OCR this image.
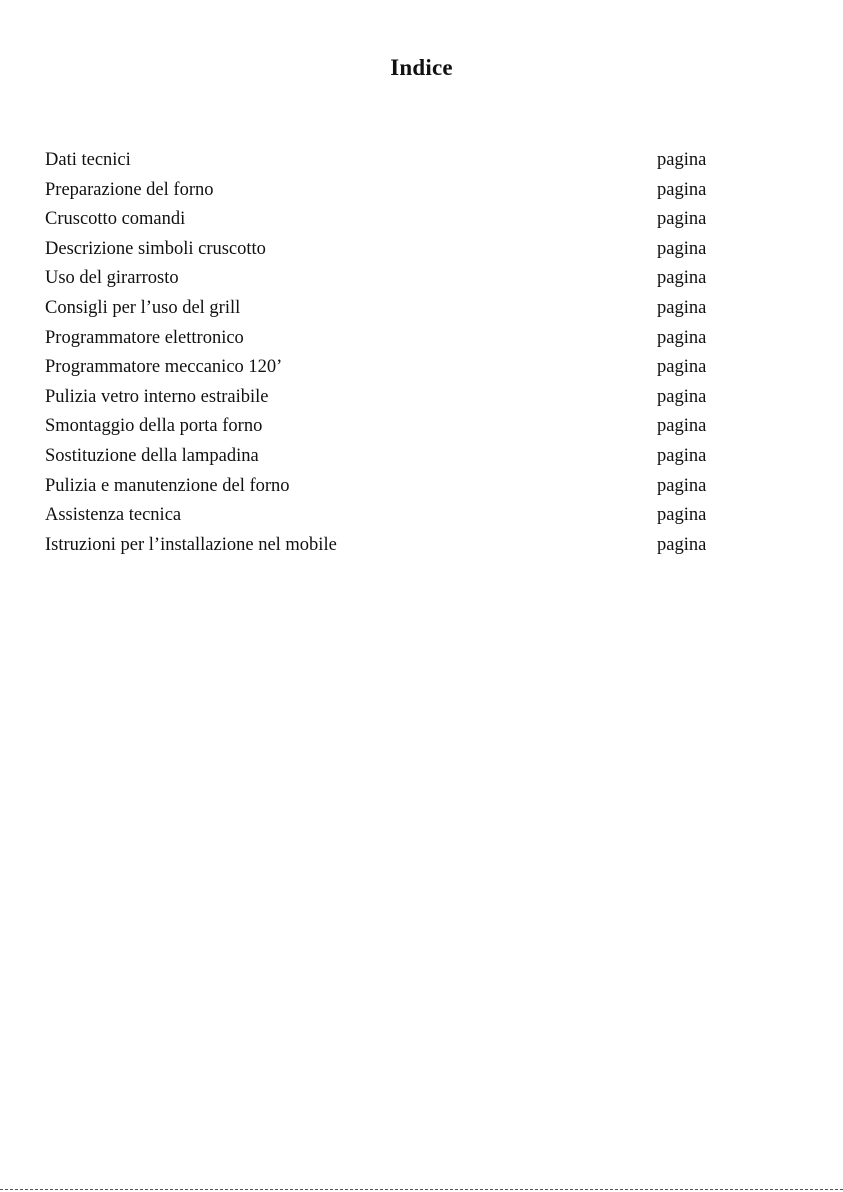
Indice
Dati tecnici	pagina
Preparazione del forno	pagina
Cruscotto comandi	pagina
Descrizione simboli cruscotto	pagina
Uso del girarrosto	pagina
Consigli per l’uso del grill	pagina
Programmatore elettronico	pagina
Programmatore meccanico 120’	pagina
Pulizia vetro interno estraibile	pagina
Smontaggio della porta forno	pagina
Sostituzione della lampadina	pagina
Pulizia e manutenzione del forno	pagina
Assistenza tecnica	pagina
Istruzioni per l’installazione nel mobile	pagina
